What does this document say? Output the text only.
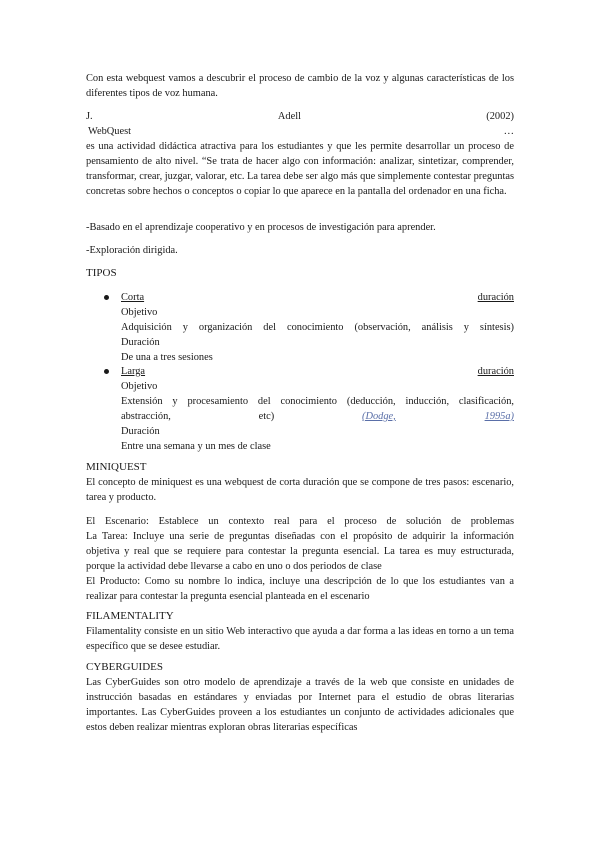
Con esta webquest vamos a descubrir el proceso de cambio de la voz y algunas características de los diferentes tipos de voz humana.
J.	Adell	(2002)
WebQuest	…
es una actividad didáctica atractiva para los estudiantes y que les permite desarrollar un proceso de pensamiento de alto nivel. “Se trata de hacer algo con información: analizar, sintetizar, comprender, transformar, crear, juzgar, valorar, etc. La tarea debe ser algo más que simplemente contestar preguntas concretas sobre hechos o conceptos o copiar lo que aparece en la pantalla del ordenador en una ficha.
-Basado en el aprendizaje cooperativo y en procesos de investigación para aprender.
-Exploración dirigida.
TIPOS
Corta	duración
Objetivo
Adquisición y organización del conocimiento (observación, análisis y síntesis)
Duración
De una a tres sesiones
Larga	duración
Objetivo
Extensión y procesamiento del conocimiento (deducción, inducción, clasificación,
abstracción,	etc)	(Dodge,	1995a)
Duración
Entre una semana y un mes de clase
MINIQUEST
El concepto de miniquest es una webquest de corta duración que se compone de tres pasos: escenario, tarea y producto.
El Escenario: Establece un contexto real para el proceso de solución de problemas
La Tarea: Incluye una serie de preguntas diseñadas con el propósito de adquirir la información objetiva y real que se requiere para contestar la pregunta esencial. La tarea es muy estructurada, porque la actividad debe llevarse a cabo en uno o dos periodos de clase
El Producto: Como su nombre lo indica, incluye una descripción de lo que los estudiantes van a realizar para contestar la pregunta esencial planteada en el escenario
FILAMENTALITY
Filamentality consiste en un sitio Web interactivo que ayuda a dar forma a las ideas en torno a un tema específico que se desee estudiar.
CYBERGUIDES
Las CyberGuides son otro modelo de aprendizaje a través de la web que consiste en unidades de instrucción basadas en estándares y enviadas por Internet para el estudio de obras literarias importantes. Las CyberGuides proveen a los estudiantes un conjunto de actividades adicionales que estos deben realizar mientras exploran obras literarias específicas
